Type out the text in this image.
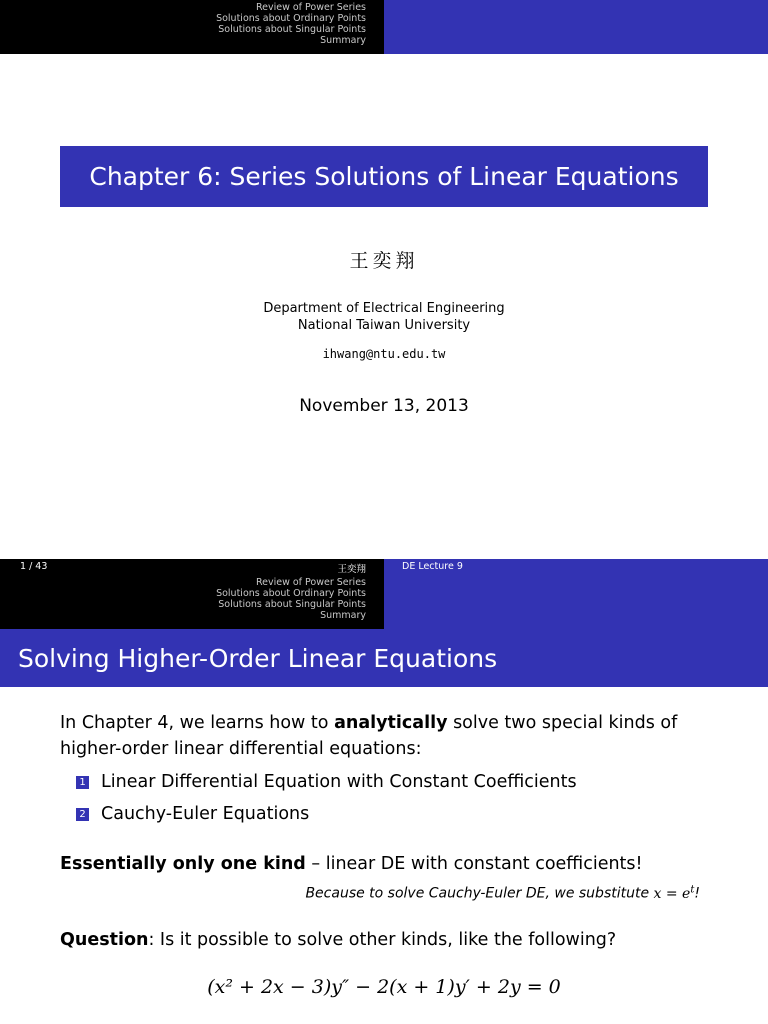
Review of Power Series
Solutions about Ordinary Points
Solutions about Singular Points
Summary
Chapter 6: Series Solutions of Linear Equations
王奕翔
Department of Electrical Engineering
National Taiwan University
ihwang@ntu.edu.tw
November 13, 2013
1 / 43	王奕翔	DE Lecture 9
Review of Power Series
Solutions about Ordinary Points
Solutions about Singular Points
Summary
Solving Higher-Order Linear Equations

In Chapter 4, we learns how to analytically solve two special kinds of higher-order linear differential equations:

1 Linear Differential Equation with Constant Coefficients
2 Cauchy-Euler Equations
Essentially only one kind – linear DE with constant coefficients!
Because to solve Cauchy-Euler DE, we substitute $x = e^t$!
Question: Is it possible to solve other kinds, like the following?
(x² + 2x − 3)y″ − 2(x + 1)y′ + 2y = 0
